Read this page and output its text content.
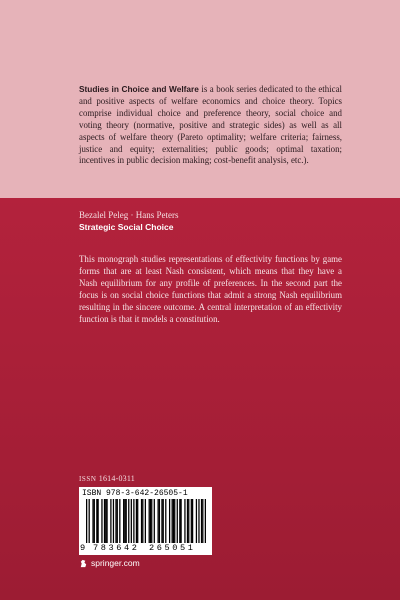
Studies in Choice and Welfare is a book series dedicated to the ethical and positive aspects of welfare economics and choice theory. Topics comprise individual choice and preference theory, social choice and voting theory (normative, positive and strategic sides) as well as all aspects of welfare theory (Pareto optimality; welfare criteria; fairness, justice and equity; externalities; public goods; optimal taxation; incentives in public decision making; cost-benefit analysis, etc.).
Bezalel Peleg · Hans Peters
Strategic Social Choice
This monograph studies representations of effectivity functions by game forms that are at least Nash consistent, which means that they have a Nash equilibrium for any profile of preferences. In the second part the focus is on social choice functions that admit a strong Nash equilibrium resulting in the sincere outcome. A central interpretation of an effectivity function is that it models a constitution.
ISSN 1614-0311
ISBN 978-3-642-26505-1
9 783642 265051
springer.com
